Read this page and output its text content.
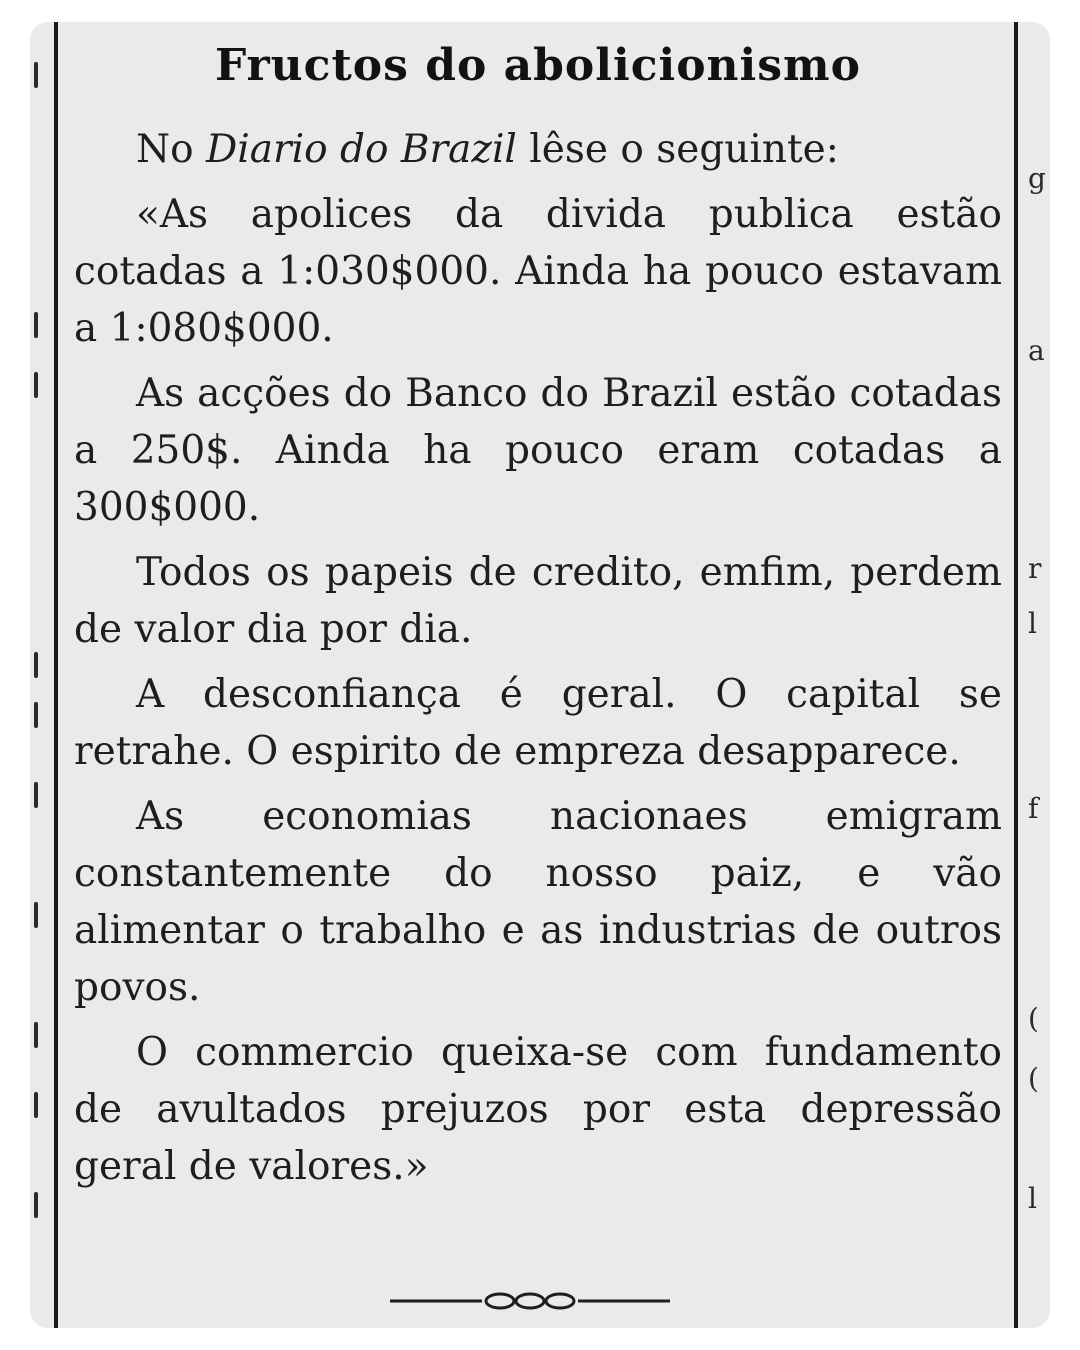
g
a
r
l
f
(
(
l
Fructos do abolicionismo

No Diario do Brazil lêse o seguinte:

«As apolices da divida publica estão cotadas a 1:030$000. Ainda ha pouco estavam a 1:080$000.

As acções do Banco do Brazil estão cotadas a 250$. Ainda ha pouco eram cotadas a 300$000.

Todos os papeis de credito, emfim, perdem de valor dia por dia.

A desconfiança é geral. O capital se retrahe. O espirito de emprezа desapparece.

As economias nacionaes emigram constantemente do nosso paiz, e vão alimentar o trabalho e as industrias de outros povos.

O commercio queixa-se com fundamento de avultados prejuzos por esta depressão geral de valores.»
